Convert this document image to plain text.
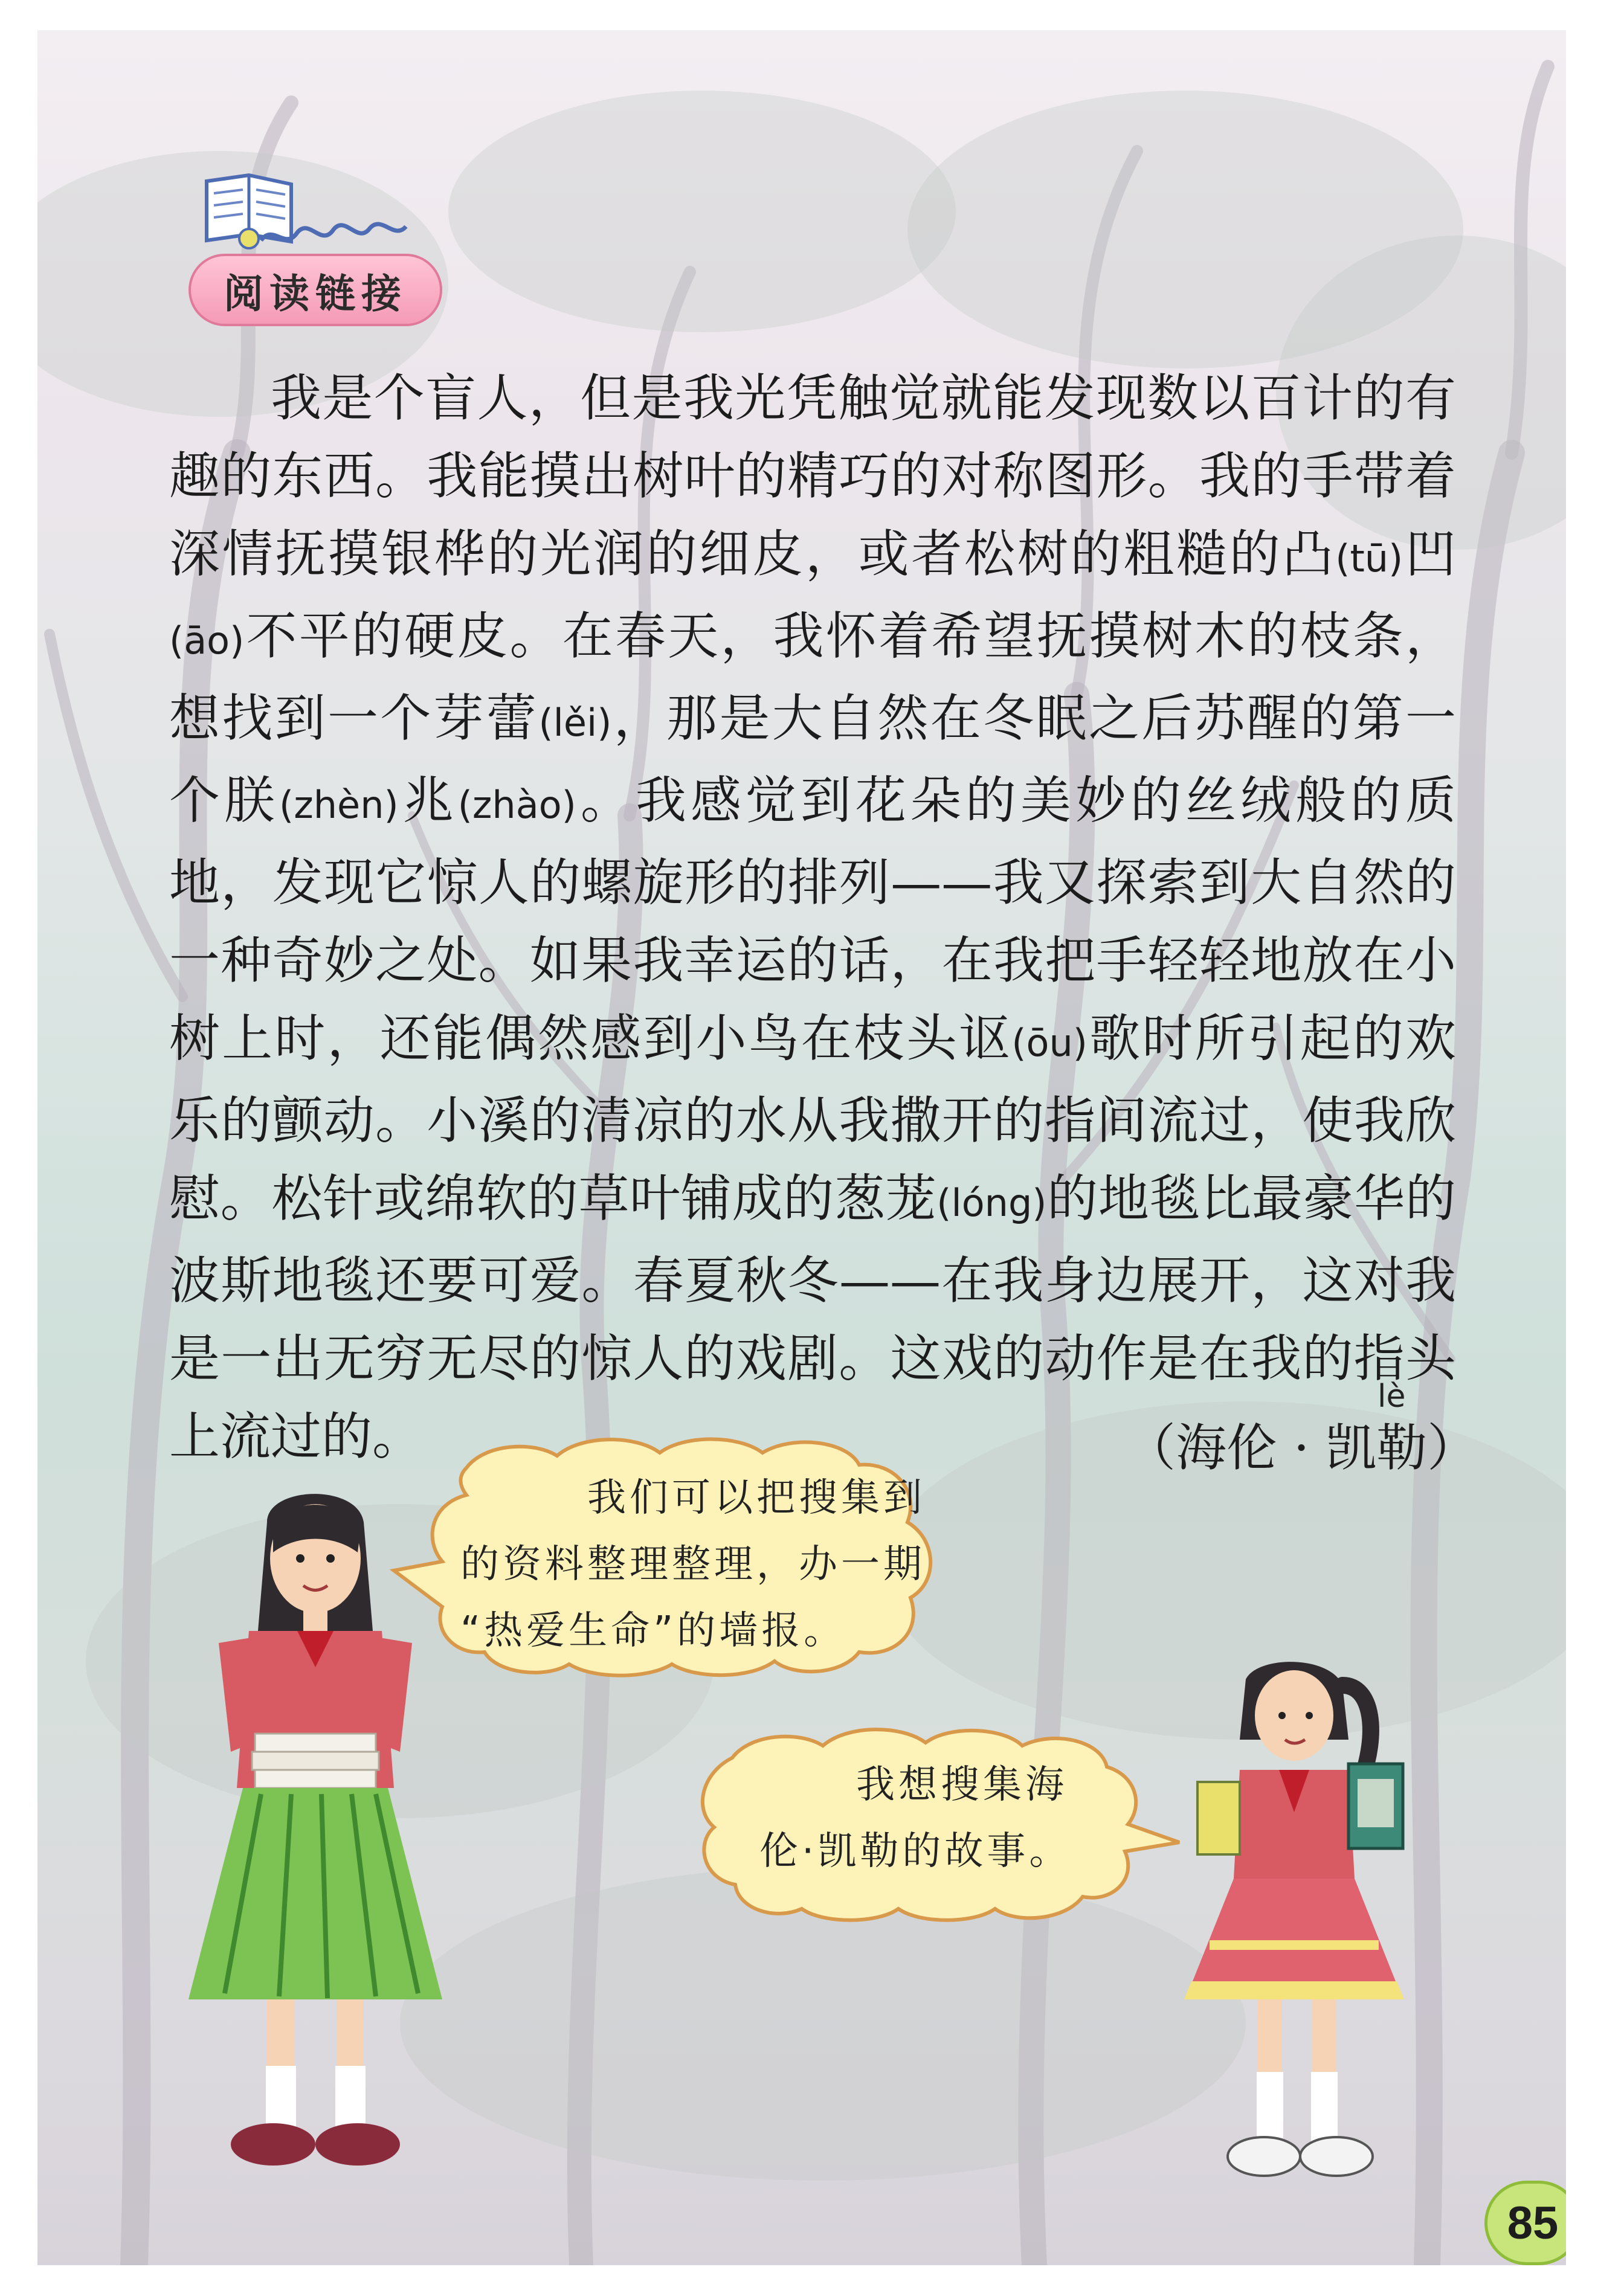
阅读链接

我是个盲人，但是我光凭触觉就能发现数以百计的有趣的东西。我能摸出树叶的精巧的对称图形。我的手带着深情抚摸银桦的光润的细皮，或者松树的粗糙的凸(tū)凹(āo)不平的硬皮。在春天，我怀着希望抚摸树木的枝条，想找到一个芽蕾(lěi)，那是大自然在冬眠之后苏醒的第一个朕(zhèn)兆(zhào)。我感觉到花朵的美妙的丝绒般的质地，发现它惊人的螺旋形的排列——我又探索到大自然的一种奇妙之处。如果我幸运的话，在我把手轻轻地放在小树上时，还能偶然感到小鸟在枝头讴(ōu)歌时所引起的欢乐的颤动。小溪的清凉的水从我撒开的指间流过，使我欣慰。松针或绵软的草叶铺成的葱茏(lóng)的地毯比最豪华的波斯地毯还要可爱。春夏秋冬——在我身边展开，这对我是一出无穷无尽的惊人的戏剧。这戏的动作是在我的指头上流过的。

lè
（海伦 · 凯勒）
我们可以把搜集到
的资料整理整理，办一期
“热爱生命”的墙报。
我想搜集海
伦·凯勒的故事。
85
